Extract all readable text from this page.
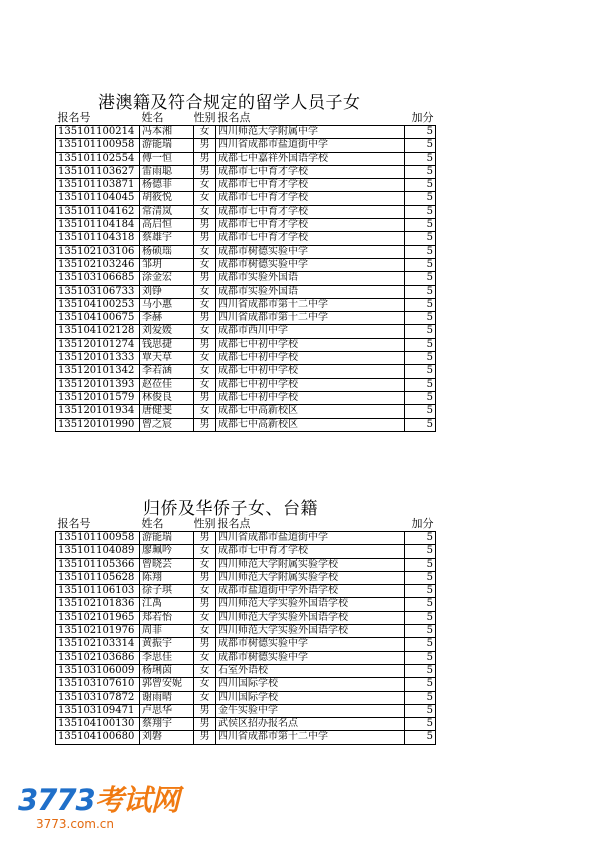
港澳籍及符合规定的留学人员子女
报名号	姓名	性别	报名点	加分
135101100214	冯本湘	女	四川师范大学附属中学	5
135101100958	游能瑞	男	四川省成都市盐道街中学	5
135101102554	傅一恒	男	成都七中嘉祥外国语学校	5
135101103627	雷雨聪	男	成都市七中育才学校	5
135101103871	杨德菲	女	成都市七中育才学校	5
135101104045	胡筱悦	女	成都市七中育才学校	5
135101104162	常清岚	女	成都市七中育才学校	5
135101104184	高启恒	男	成都市七中育才学校	5
135101104318	蔡雄宇	男	成都市七中育才学校	5
135102103106	杨硕瑶	女	成都市树德实验中学	5
135102103246	邹玥	女	成都市树德实验中学	5
135103106685	涂金宏	男	成都市实验外国语	5
135103106733	刘铮	女	成都市实验外国语	5
135104100253	马小惠	女	四川省成都市第十二中学	5
135104100675	李赫	男	四川省成都市第十二中学	5
135104102128	刘爱媛	女	成都市西川中学	5
135120101274	钱思捷	男	成都七中初中学校	5
135120101333	覃天草	女	成都七中初中学校	5
135120101342	李若涵	女	成都七中初中学校	5
135120101393	赵莅佳	女	成都七中初中学校	5
135120101579	林俊良	男	成都七中初中学校	5
135120101934	唐健斐	女	成都七中高新校区	5
135120101990	曾之宸	男	成都七中高新校区	5
归侨及华侨子女、台籍
报名号	姓名	性别	报名点	加分
135101100958	游能瑞	男	四川省成都市盐道街中学	5
135101104089	廖珮吟	女	成都市七中育才学校	5
135101105366	曾晓芸	女	四川师范大学附属实验学校	5
135101105628	陈翔	男	四川师范大学附属实验学校	5
135101106103	徐子琪	女	成都市盐道街中学外语学校	5
135102101836	江禹	男	四川师范大学实验外国语学校	5
135102101965	郑若怡	女	四川师范大学实验外国语学校	5
135102101976	周菲	女	四川师范大学实验外国语学校	5
135102103314	黄振宇	男	成都市树德实验中学	5
135102103686	李思佳	女	成都市树德实验中学	5
135103106009	杨琍茵	女	石室外语校	5
135103107610	郭曾安妮	女	四川国际学校	5
135103107872	谢雨晴	女	四川国际学校	5
135103109471	卢思华	男	金牛实验中学	5
135104100130	蔡翔宇	男	武侯区招办报名点	5
135104100680	刘磐	男	四川省成都市第十二中学	5
3773考试网
3773.com.cn
